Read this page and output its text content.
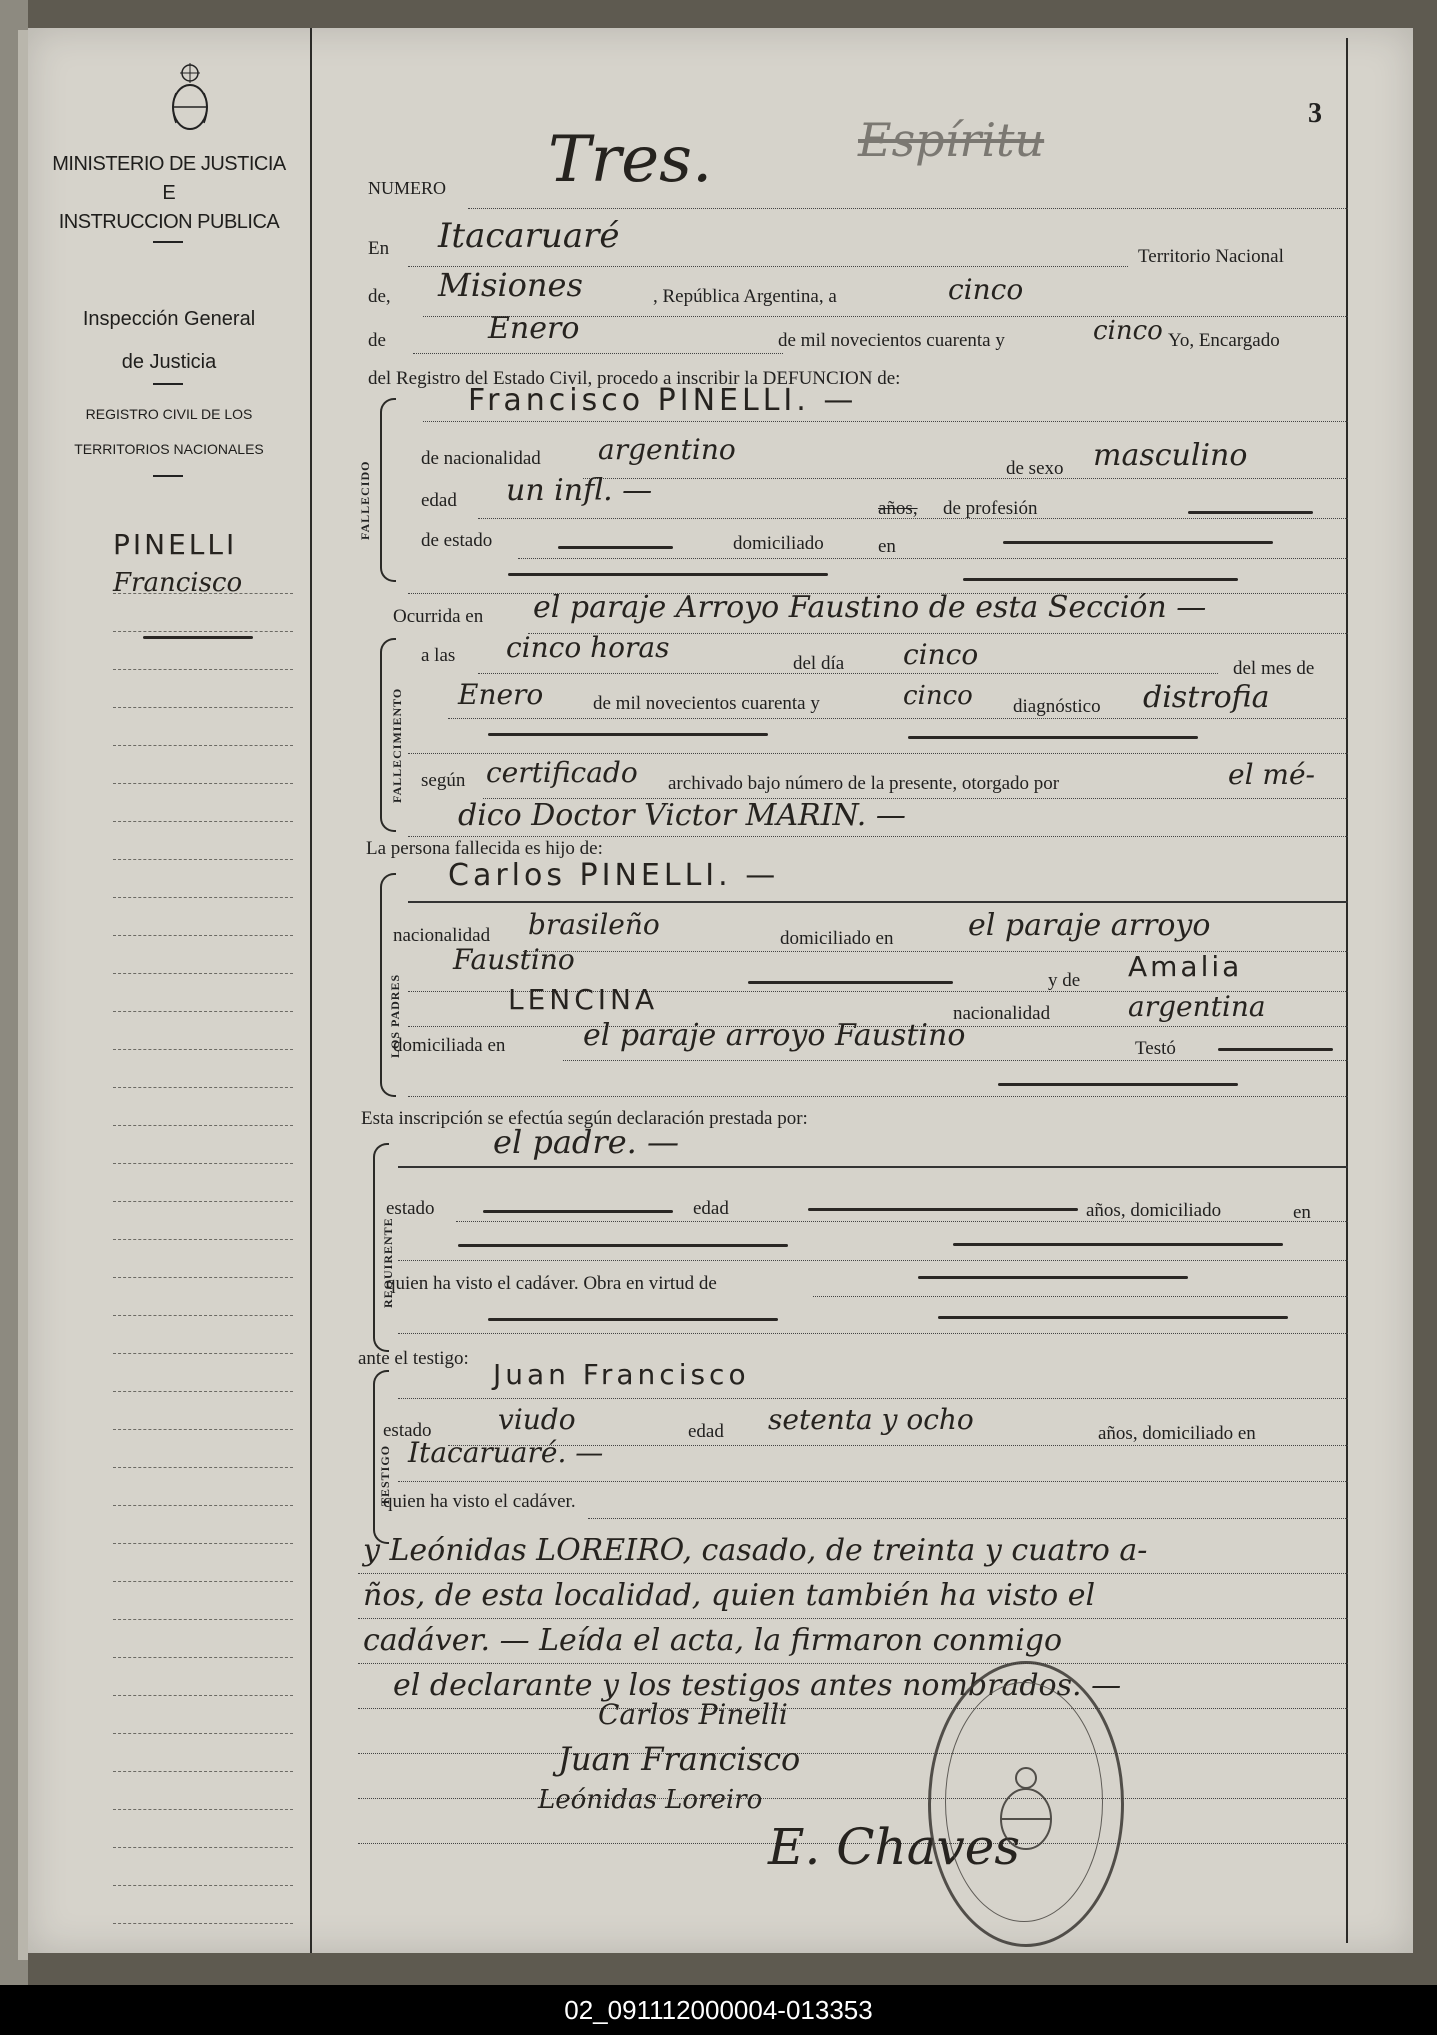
MINISTERIO DE JUSTICIA
E
INSTRUCCION PUBLICA
Inspección General
de Justicia
REGISTRO CIVIL DE LOS
TERRITORIOS NACIONALES
PINELLI
Francisco
3
NUMERO Tres.	Espíritu
En Itacaruaré
Territorio Nacional
de, Misiones	, República Argentina, a	cinco
de	Enero	de mil novecientos cuarenta y	cinco Yo, Encargado
del Registro del Estado Civil, procedo a inscribir la DEFUNCION de:
FALLECIDO
Francisco PINELLI. —
de nacionalidad argentino
de sexo masculino
edad un infl. —
años, de profesión
de estado	domiciliado	en
FALLECIMIENTO
Ocurrida en el paraje Arroyo Faustino de esta Sección —
a las cinco horas	del día cinco	del mes de
Enero	de mil novecientos cuarenta y	cinco diagnóstico distrofia
según certificado archivado bajo número de la presente, otorgado por	el mé-
dico Doctor Victor MARIN. —
La persona fallecida es hijo de:
LOS PADRES
Carlos PINELLI. —
nacionalidad brasileño	domiciliado en el paraje arroyo
Faustino
y de Amalia
LENCINA	nacionalidad	argentina
domiciliada en	el paraje arroyo Faustino	Testó
Esta inscripción se efectúa según declaración prestada por:
REQUIRENTE
el padre. —
estado	edad	años, domiciliado	en
quien ha visto el cadáver. Obra en virtud de
ante el testigo:
TESTIGO
Juan Francisco
estado viudo	edad setenta y ocho	años, domiciliado en
Itacaruaré. —
quien ha visto el cadáver.
y Leónidas LOREIRO, casado, de treinta y cuatro a-
ños, de esta localidad, quien también ha visto el
cadáver. — Leída el acta, la firmaron conmigo
el declarante y los testigos antes nombrados. —
Carlos Pinelli
Juan Francisco
Leónidas Loreiro
E. Chaves
02_091112000004-013353
